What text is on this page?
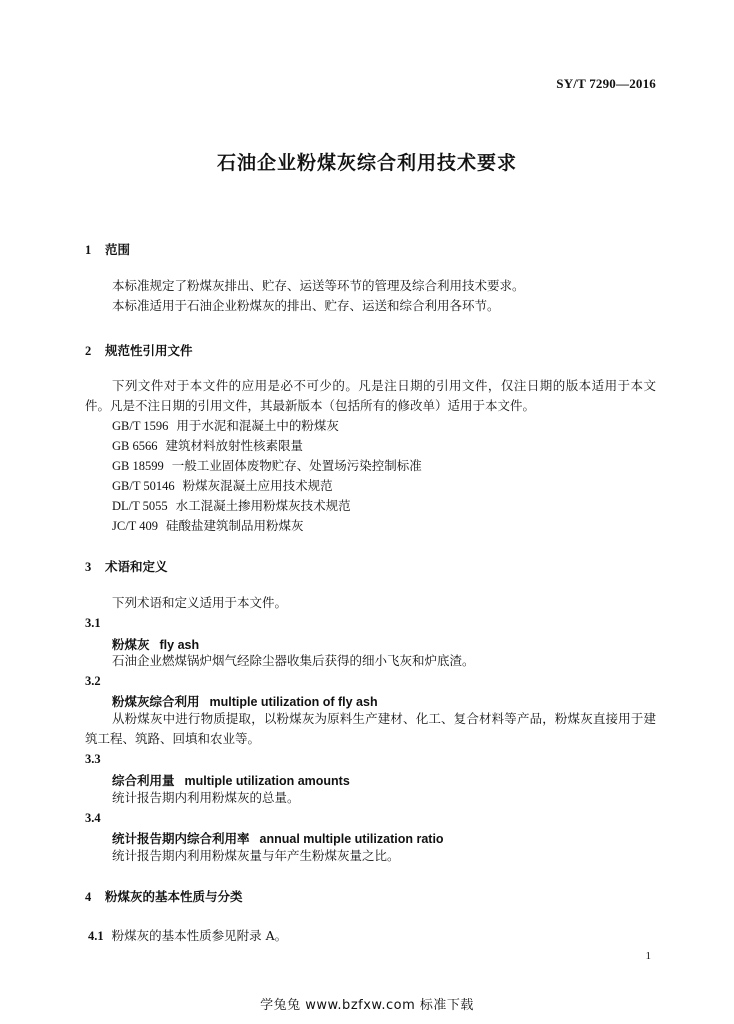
SY/T 7290—2016
石油企业粉煤灰综合利用技术要求
1 范围
本标准规定了粉煤灰排出、贮存、运送等环节的管理及综合利用技术要求。
本标准适用于石油企业粉煤灰的排出、贮存、运送和综合利用各环节。
2 规范性引用文件
下列文件对于本文件的应用是必不可少的。凡是注日期的引用文件，仅注日期的版本适用于本文件。凡是不注日期的引用文件，其最新版本（包括所有的修改单）适用于本文件。
GB/T 1596 用于水泥和混凝土中的粉煤灰
GB 6566 建筑材料放射性核素限量
GB 18599 一般工业固体废物贮存、处置场污染控制标准
GB/T 50146 粉煤灰混凝土应用技术规范
DL/T 5055 水工混凝土掺用粉煤灰技术规范
JC/T 409 硅酸盐建筑制品用粉煤灰
3 术语和定义
下列术语和定义适用于本文件。
3.1
粉煤灰 fly ash
石油企业燃煤锅炉烟气经除尘器收集后获得的细小飞灰和炉底渣。
3.2
粉煤灰综合利用 multiple utilization of fly ash
从粉煤灰中进行物质提取，以粉煤灰为原料生产建材、化工、复合材料等产品，粉煤灰直接用于建筑工程、筑路、回填和农业等。
3.3
综合利用量 multiple utilization amounts
统计报告期内利用粉煤灰的总量。
3.4
统计报告期内综合利用率 annual multiple utilization ratio
统计报告期内利用粉煤灰量与年产生粉煤灰量之比。
4 粉煤灰的基本性质与分类
4.1 粉煤灰的基本性质参见附录 A。
1
学兔兔 www.bzfxw.com 标准下载
